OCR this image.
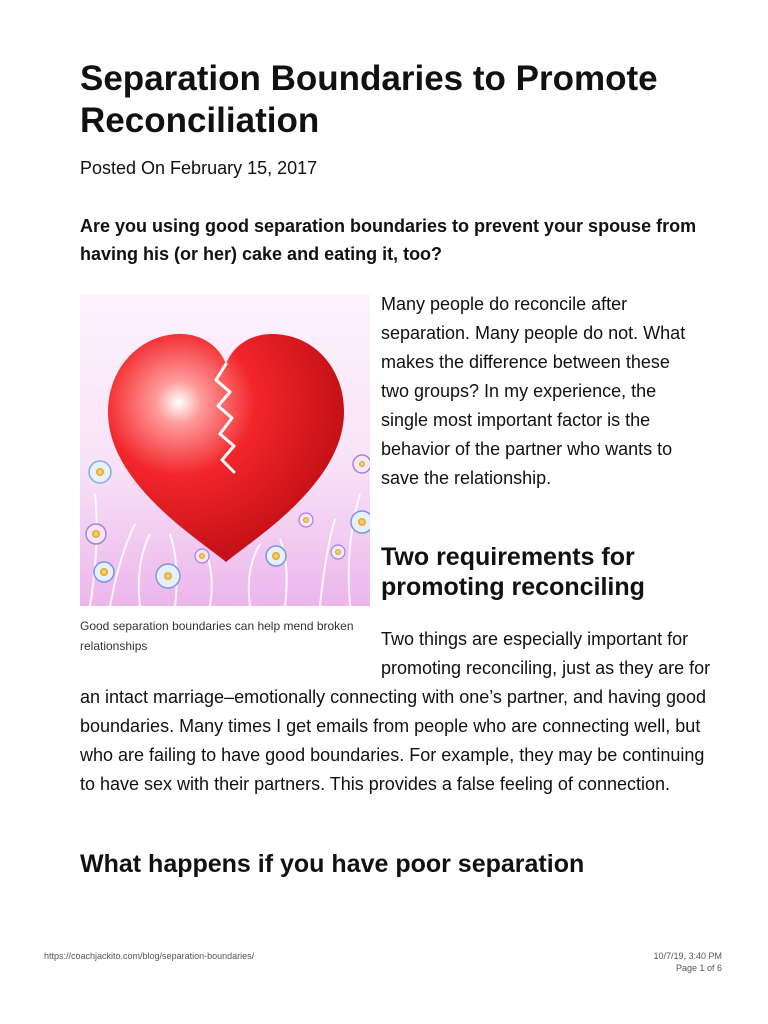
Separation Boundaries to Promote Reconciliation
Posted On February 15, 2017

Are you using good separation boundaries to prevent your spouse from having his (or her) cake and eating it, too?

Good separation boundaries can help mend broken relationships

Many people do reconcile after separation. Many people do not. What makes the difference between these two groups? In my experience, the single most important factor is the behavior of the partner who wants to save the relationship.

Two requirements for promoting reconciling
Two things are especially important for promoting reconciling, just as they are for an intact marriage–emotionally connecting with one’s partner, and having good boundaries. Many times I get emails from people who are connecting well, but who are failing to have good boundaries. For example, they may be continuing to have sex with their partners. This provides a false feeling of connection.
What happens if you have poor separation
https://coachjackito.com/blog/separation-boundaries/	10/7/19, 3:40 PM
Page 1 of 6
